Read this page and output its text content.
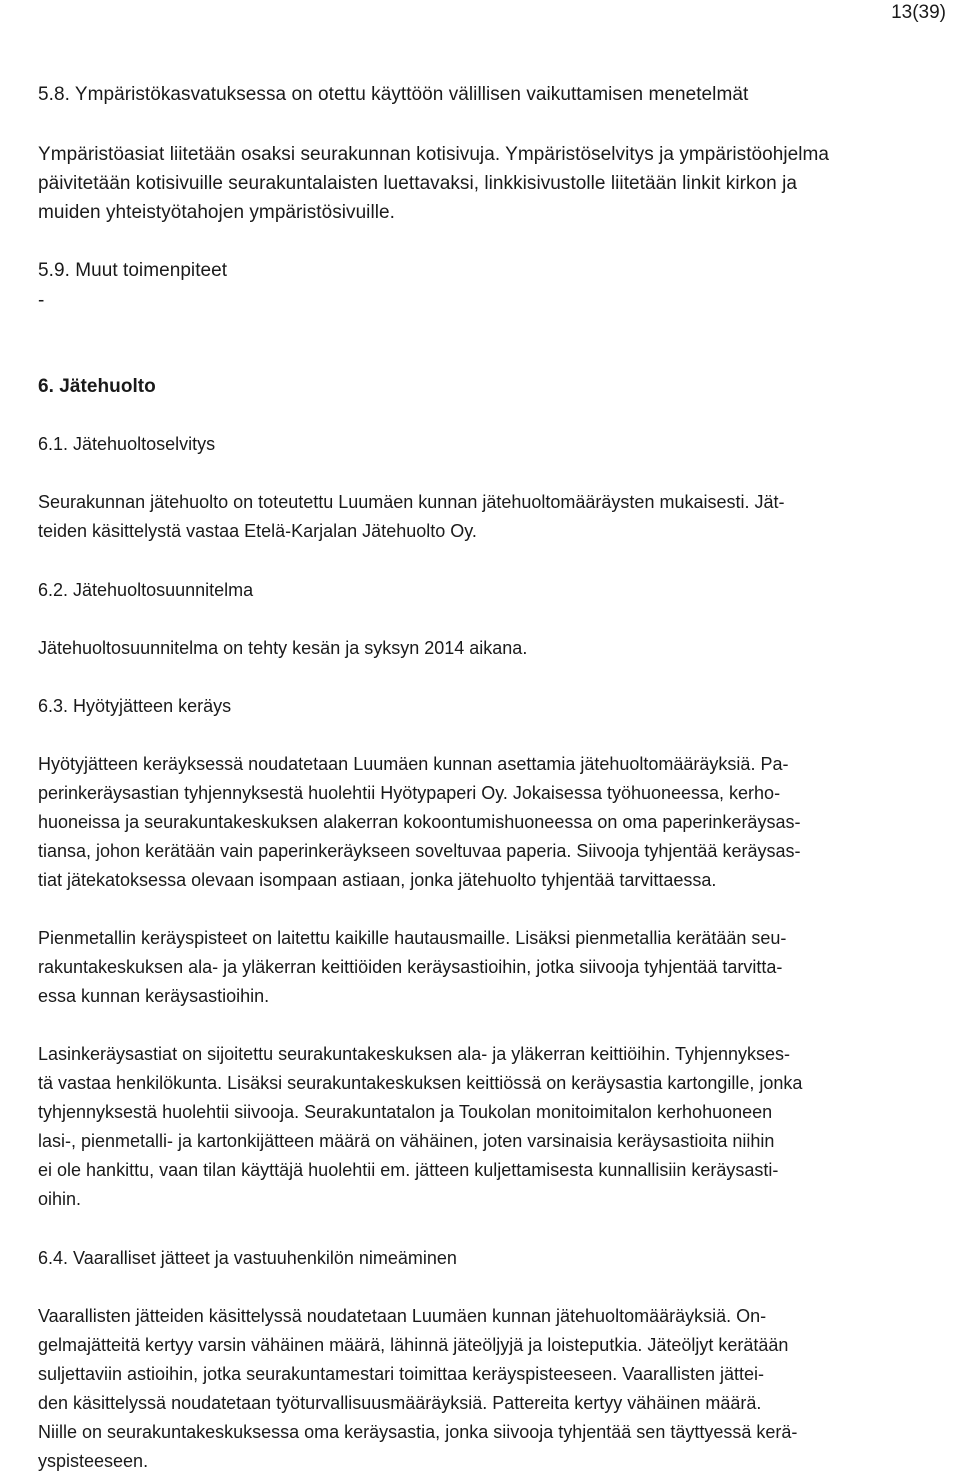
13(39)
5.8. Ympäristökasvatuksessa on otettu käyttöön välillisen vaikuttamisen menetelmät
Ympäristöasiat liitetään osaksi seurakunnan kotisivuja. Ympäristöselvitys ja ympäristöohjelma
päivitetään kotisivuille seurakuntalaisten luettavaksi, linkkisivustolle liitetään linkit kirkon ja
muiden yhteistyötahojen ympäristösivuille.
5.9. Muut toimenpiteet
-
6. Jätehuolto
6.1. Jätehuoltoselvitys
Seurakunnan jätehuolto on toteutettu Luumäen kunnan jätehuoltomääräysten mukaisesti. Jät-
teiden käsittelystä vastaa Etelä-Karjalan Jätehuolto Oy.
6.2. Jätehuoltosuunnitelma
Jätehuoltosuunnitelma on tehty kesän ja syksyn 2014 aikana.
6.3. Hyötyjätteen keräys
Hyötyjätteen keräyksessä noudatetaan Luumäen kunnan asettamia jätehuoltomääräyksiä. Pa-
perinkeräysastian tyhjennyksestä huolehtii Hyötypaperi Oy. Jokaisessa työhuoneessa, kerho-
huoneissa ja seurakuntakeskuksen alakerran kokoontumishuoneessa on oma paperinkeräysas-
tiansa, johon kerätään vain paperinkeräykseen soveltuvaa paperia. Siivooja tyhjentää keräysas-
tiat jätekatoksessa olevaan isompaan astiaan, jonka jätehuolto tyhjentää tarvittaessa.
Pienmetallin keräyspisteet on laitettu kaikille hautausmaille. Lisäksi pienmetallia kerätään seu-
rakuntakeskuksen ala- ja yläkerran keittiöiden keräysastioihin, jotka siivooja tyhjentää tarvitta-
essa kunnan keräysastioihin.
Lasinkeräysastiat on sijoitettu seurakuntakeskuksen ala- ja yläkerran keittiöihin. Tyhjennykses-
tä vastaa henkilökunta. Lisäksi seurakuntakeskuksen keittiössä on keräysastia kartongille, jonka
tyhjennyksestä huolehtii siivooja. Seurakuntatalon ja Toukolan monitoimitalon kerhohuoneen
lasi-, pienmetalli- ja kartonkijätteen määrä on vähäinen, joten varsinaisia keräysastioita niihin
ei ole hankittu, vaan tilan käyttäjä huolehtii em. jätteen kuljettamisesta kunnallisiin keräysasti-
oihin.
6.4. Vaaralliset jätteet ja vastuuhenkilön nimeäminen
Vaarallisten jätteiden käsittelyssä noudatetaan Luumäen kunnan jätehuoltomääräyksiä. On-
gelmajätteitä kertyy varsin vähäinen määrä, lähinnä jäteöljyjä ja loisteputkia. Jäteöljyt kerätään
suljettaviin astioihin, jotka seurakuntamestari toimittaa keräyspisteeseen. Vaarallisten jättei-
den käsittelyssä noudatetaan työturvallisuusmääräyksiä. Pattereita kertyy vähäinen määrä.
Niille on seurakuntakeskuksessa oma keräysastia, jonka siivooja tyhjentää sen täyttyessä kerä-
yspisteeseen.
